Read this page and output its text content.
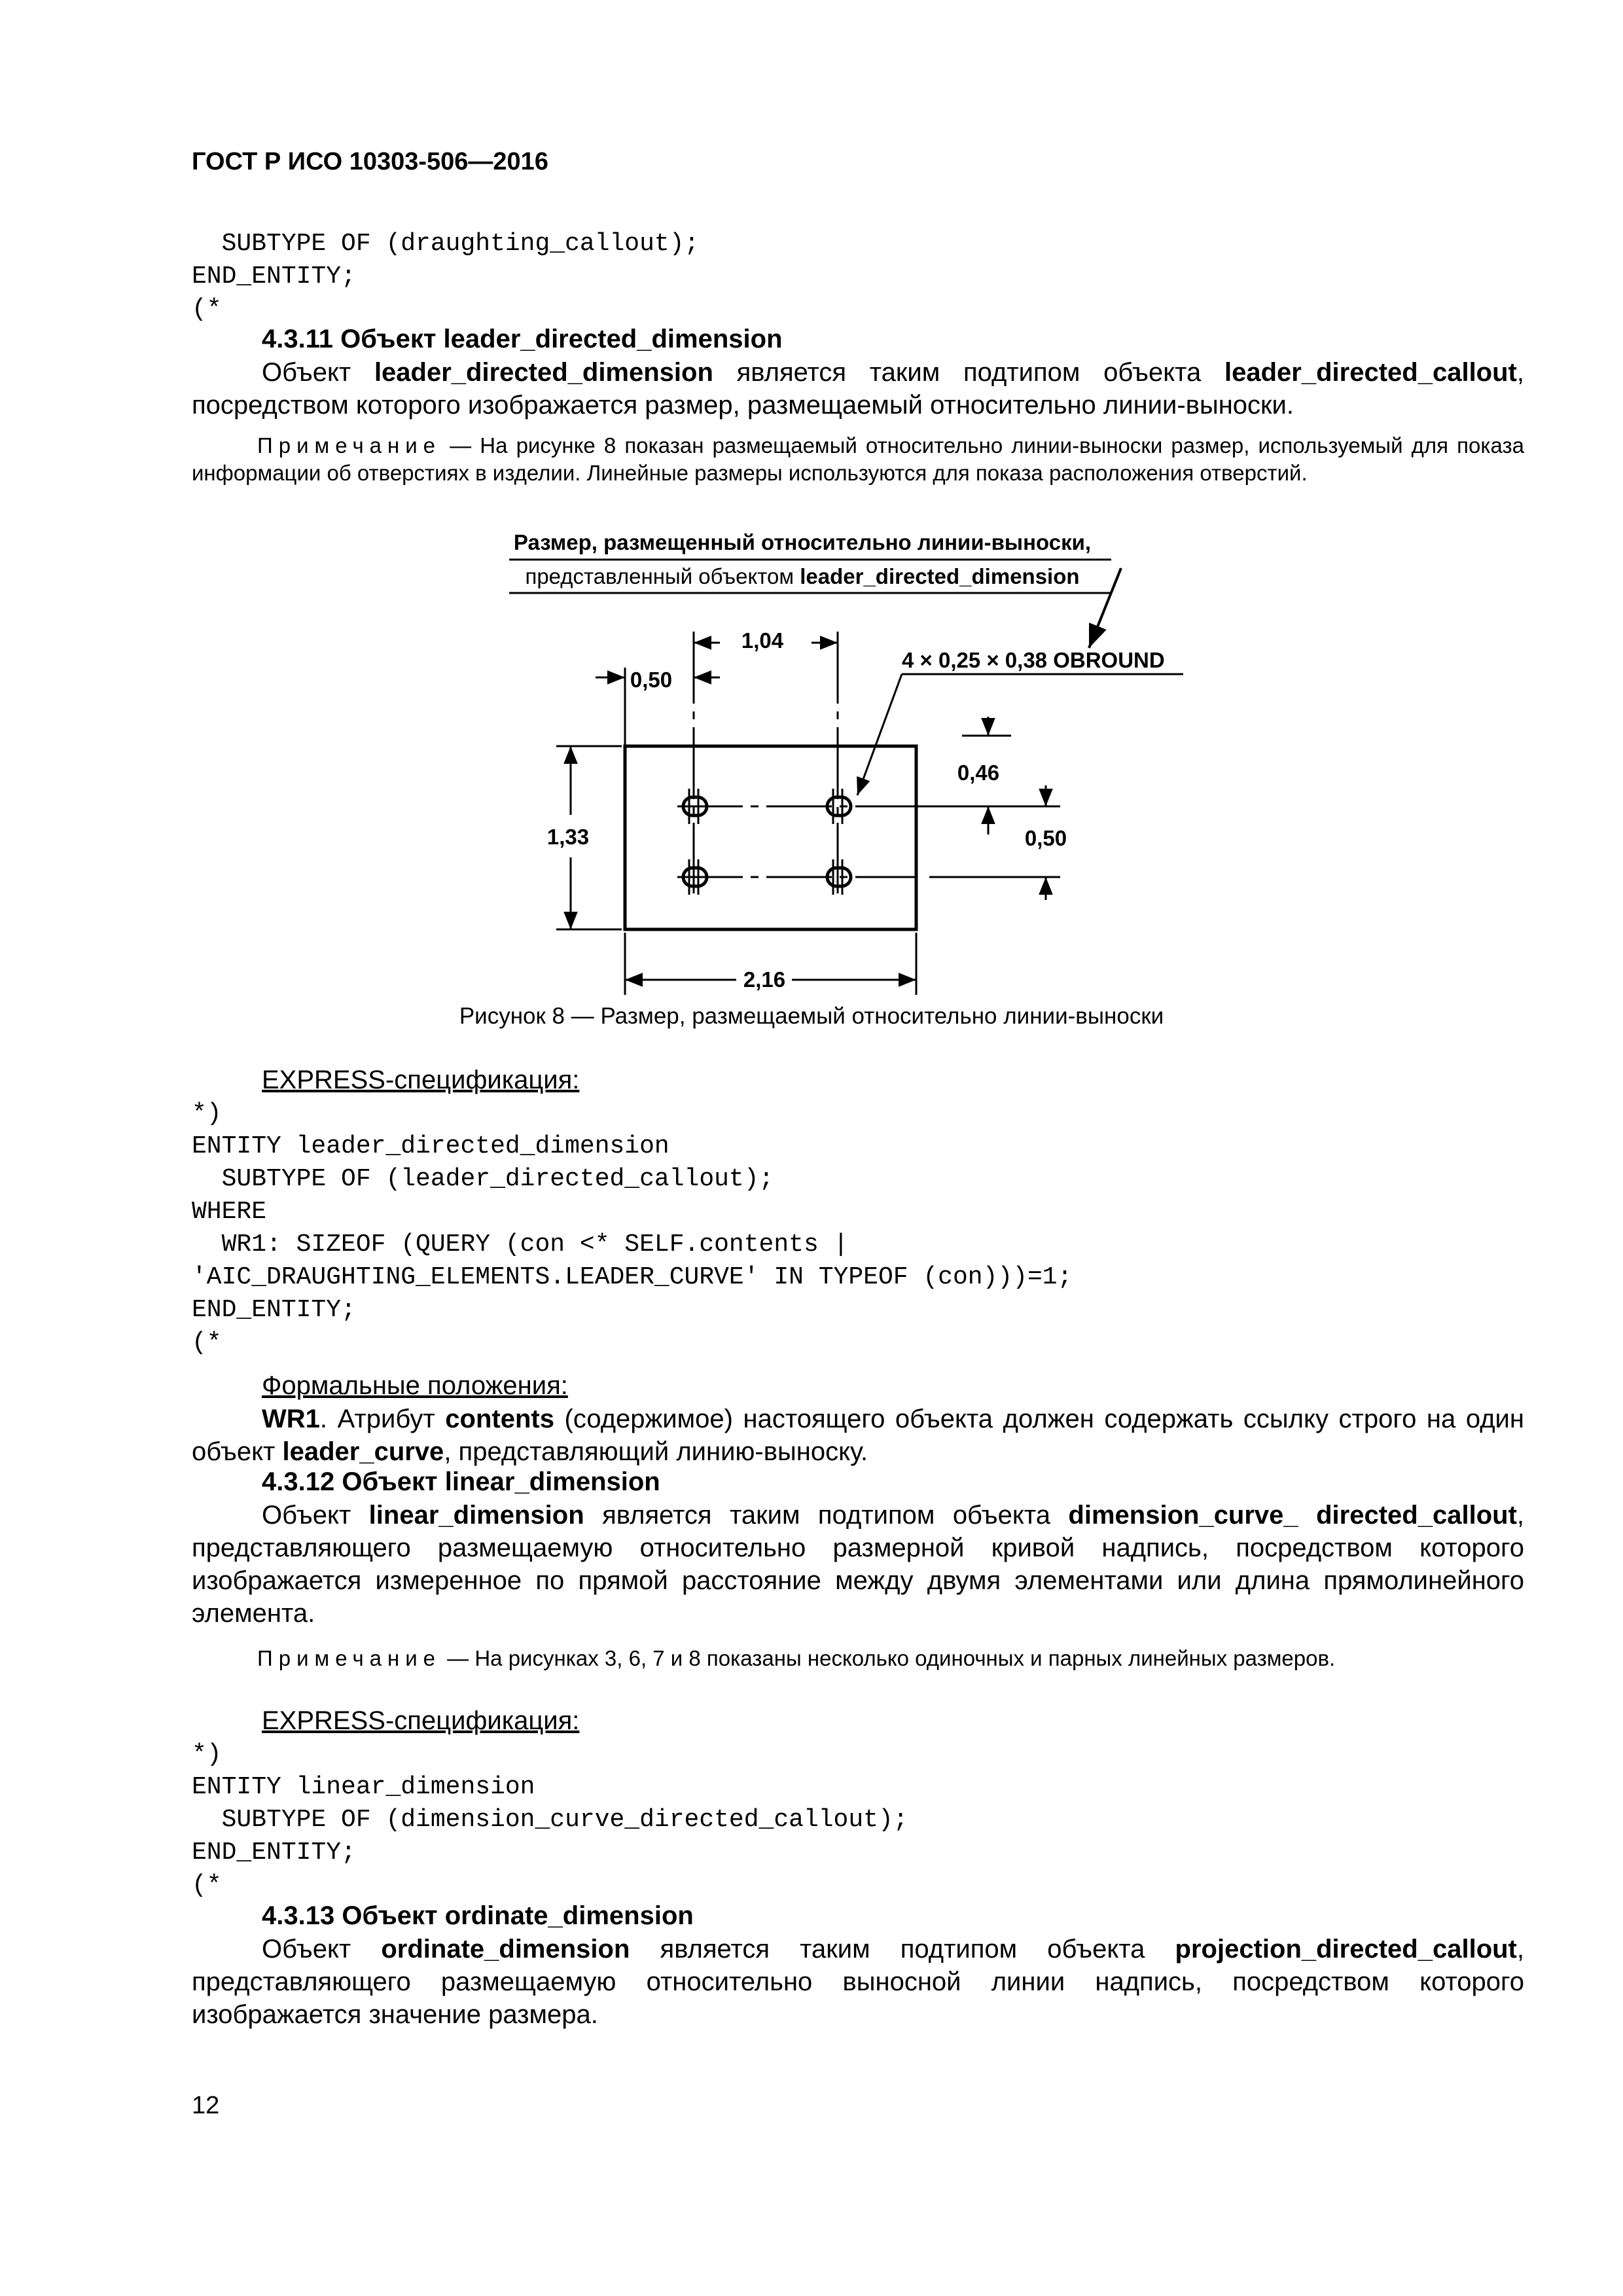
ГОСТ Р ИСО 10303-506—2016
SUBTYPE OF (draughting_callout);
END_ENTITY;
(*
4.3.11 Объект leader_directed_dimension
Объект leader_directed_dimension является таким подтипом объекта leader_directed_callout, посредством которого изображается размер, размещаемый относительно линии-выноски.
Примечание — На рисунке 8 показан размещаемый относительно линии-выноски размер, используемый для показа информации об отверстиях в изделии. Линейные размеры используются для показа расположения отверстий.
Размер, размещенный относительно линии-выноски,
представленный объектом leader_directed_dimension
4 × 0,25 × 0,38 OBROUND
1,04
0,50
1,33
0,46
0,50
2,16
Рисунок 8 — Размер, размещаемый относительно линии-выноски
EXPRESS-спецификация:
*)
ENTITY leader_directed_dimension
SUBTYPE OF (leader_directed_callout);
WHERE
WR1: SIZEOF (QUERY (con <* SELF.contents |
'AIC_DRAUGHTING_ELEMENTS.LEADER_CURVE' IN TYPEOF (con)))=1;
END_ENTITY;
(*
Формальные положения:
WR1. Атрибут contents (содержимое) настоящего объекта должен содержать ссылку строго на один объект leader_curve, представляющий линию-выноску.
4.3.12 Объект linear_dimension
Объект linear_dimension является таким подтипом объекта dimension_curve_ directed_callout, представляющего размещаемую относительно размерной кривой надпись, посредством которого изображается измеренное по прямой расстояние между двумя элементами или длина прямолинейного элемента.
Примечание — На рисунках 3, 6, 7 и 8 показаны несколько одиночных и парных линейных размеров.
EXPRESS-спецификация:
*)
ENTITY linear_dimension
SUBTYPE OF (dimension_curve_directed_callout);
END_ENTITY;
(*
4.3.13 Объект ordinate_dimension
Объект ordinate_dimension является таким подтипом объекта projection_directed_callout, представляющего размещаемую относительно выносной линии надпись, посредством которого изображается значение размера.
12
